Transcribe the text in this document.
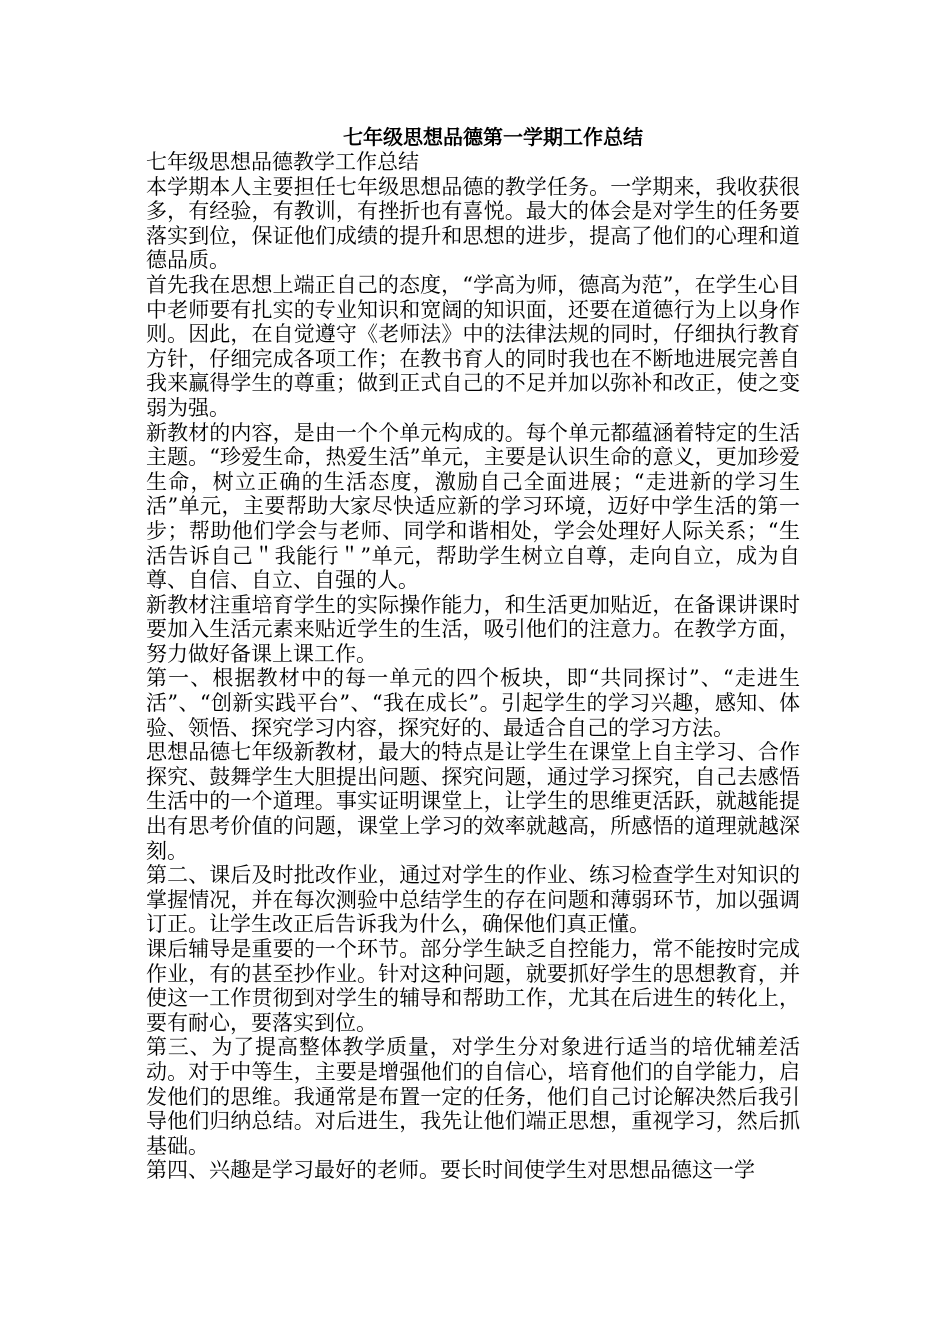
七年级思想品德第一学期工作总结
七年级思想品德教学工作总结

本学期本人主要担任七年级思想品德的教学任务。一学期来，我收获很多，有经验，有教训，有挫折也有喜悦。最大的体会是对学生的任务要落实到位，保证他们成绩的提升和思想的进步，提高了他们的心理和道德品质。

首先我在思想上端正自己的态度，“学高为师，德高为范”，在学生心目中老师要有扎实的专业知识和宽阔的知识面，还要在道德行为上以身作则。因此，在自觉遵守《老师法》中的法律法规的同时，仔细执行教育方针，仔细完成各项工作；在教书育人的同时我也在不断地进展完善自我来赢得学生的尊重；做到正式自己的不足并加以弥补和改正，使之变弱为强。

新教材的内容，是由一个个单元构成的。每个单元都蕴涵着特定的生活主题。“珍爱生命，热爱生活”单元，主要是认识生命的意义，更加珍爱生命，树立正确的生活态度，激励自己全面进展；“走进新的学习生活”单元，主要帮助大家尽快适应新的学习环境，迈好中学生活的第一步；帮助他们学会与老师、同学和谐相处，学会处理好人际关系；“生活告诉自己＂我能行＂”单元，帮助学生树立自尊，走向自立，成为自尊、自信、自立、自强的人。

新教材注重培育学生的实际操作能力，和生活更加贴近，在备课讲课时要加入生活元素来贴近学生的生活，吸引他们的注意力。在教学方面，努力做好备课上课工作。

第一、根据教材中的每一单元的四个板块，即“共同探讨”、“走进生活”、“创新实践平台”、“我在成长”。引起学生的学习兴趣，感知、体验、领悟、探究学习内容，探究好的、最适合自己的学习方法。

思想品德七年级新教材，最大的特点是让学生在课堂上自主学习、合作探究、鼓舞学生大胆提出问题、探究问题，通过学习探究，自己去感悟生活中的一个道理。事实证明课堂上，让学生的思维更活跃，就越能提出有思考价值的问题，课堂上学习的效率就越高，所感悟的道理就越深刻。

第二、课后及时批改作业，通过对学生的作业、练习检查学生对知识的掌握情况，并在每次测验中总结学生的存在问题和薄弱环节，加以强调订正。让学生改正后告诉我为什么，确保他们真正懂。

课后辅导是重要的一个环节。部分学生缺乏自控能力，常不能按时完成作业，有的甚至抄作业。针对这种问题，就要抓好学生的思想教育，并使这一工作贯彻到对学生的辅导和帮助工作，尤其在后进生的转化上，要有耐心，要落实到位。

第三、为了提高整体教学质量，对学生分对象进行适当的培优辅差活动。对于中等生，主要是增强他们的自信心，培育他们的自学能力，启发他们的思维。我通常是布置一定的任务，他们自己讨论解决然后我引导他们归纳总结。对后进生，我先让他们端正思想，重视学习，然后抓基础。

第四、兴趣是学习最好的老师。要长时间使学生对思想品德这一学
